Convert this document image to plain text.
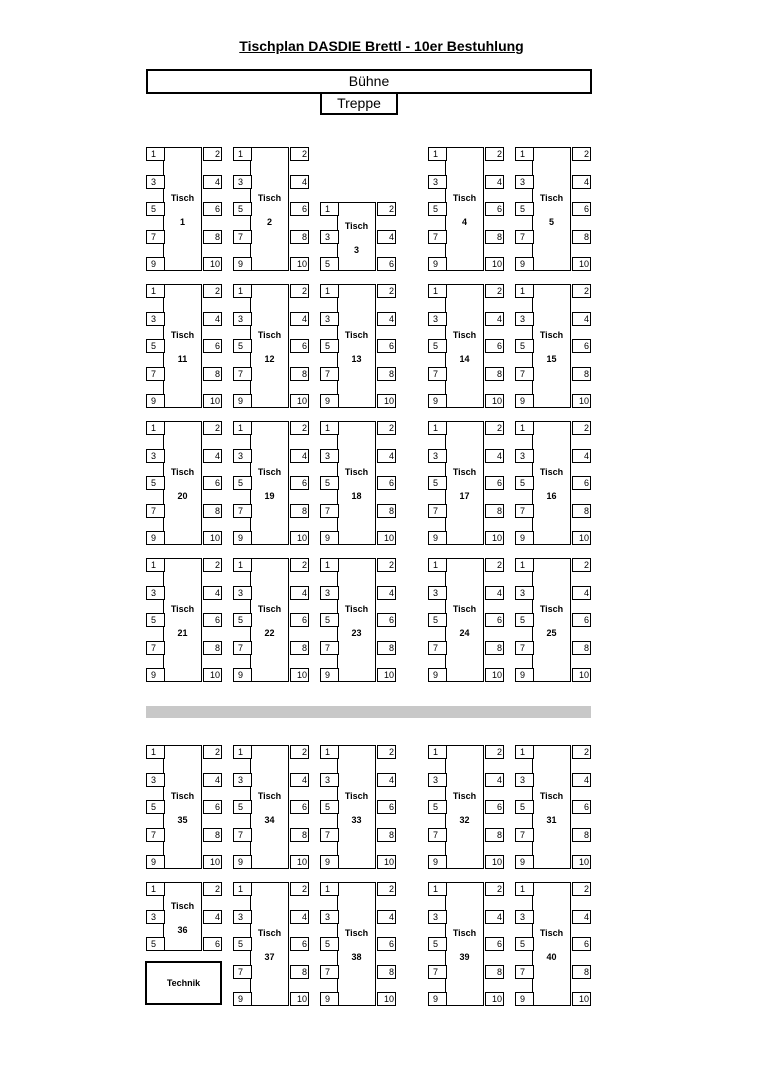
Tischplan DASDIE Brettl - 10er Bestuhlung
Bühne
Treppe
Technik
Tisch
1
1	2
3	4
5	6
7	8
9	10
Tisch
2
1	2
3	4
5	6
7	8
9	10
Tisch
3
1	2
3	4
5	6
Tisch
4
1	2
3	4
5	6
7	8
9	10
Tisch
5
1	2
3	4
5	6
7	8
9	10
Tisch
11
1	2
3	4
5	6
7	8
9	10
Tisch
12
1	2
3	4
5	6
7	8
9	10
Tisch
13
1	2
3	4
5	6
7	8
9	10
Tisch
14
1	2
3	4
5	6
7	8
9	10
Tisch
15
1	2
3	4
5	6
7	8
9	10
Tisch
20
1	2
3	4
5	6
7	8
9	10
Tisch
19
1	2
3	4
5	6
7	8
9	10
Tisch
18
1	2
3	4
5	6
7	8
9	10
Tisch
17
1	2
3	4
5	6
7	8
9	10
Tisch
16
1	2
3	4
5	6
7	8
9	10
Tisch
21
1	2
3	4
5	6
7	8
9	10
Tisch
22
1	2
3	4
5	6
7	8
9	10
Tisch
23
1	2
3	4
5	6
7	8
9	10
Tisch
24
1	2
3	4
5	6
7	8
9	10
Tisch
25
1	2
3	4
5	6
7	8
9	10
Tisch
35
1	2
3	4
5	6
7	8
9	10
Tisch
34
1	2
3	4
5	6
7	8
9	10
Tisch
33
1	2
3	4
5	6
7	8
9	10
Tisch
32
1	2
3	4
5	6
7	8
9	10
Tisch
31
1	2
3	4
5	6
7	8
9	10
Tisch
36
1	2
3	4
5	6
Tisch
37
1	2
3	4
5	6
7	8
9	10
Tisch
38
1	2
3	4
5	6
7	8
9	10
Tisch
39
1	2
3	4
5	6
7	8
9	10
Tisch
40
1	2
3	4
5	6
7	8
9	10
